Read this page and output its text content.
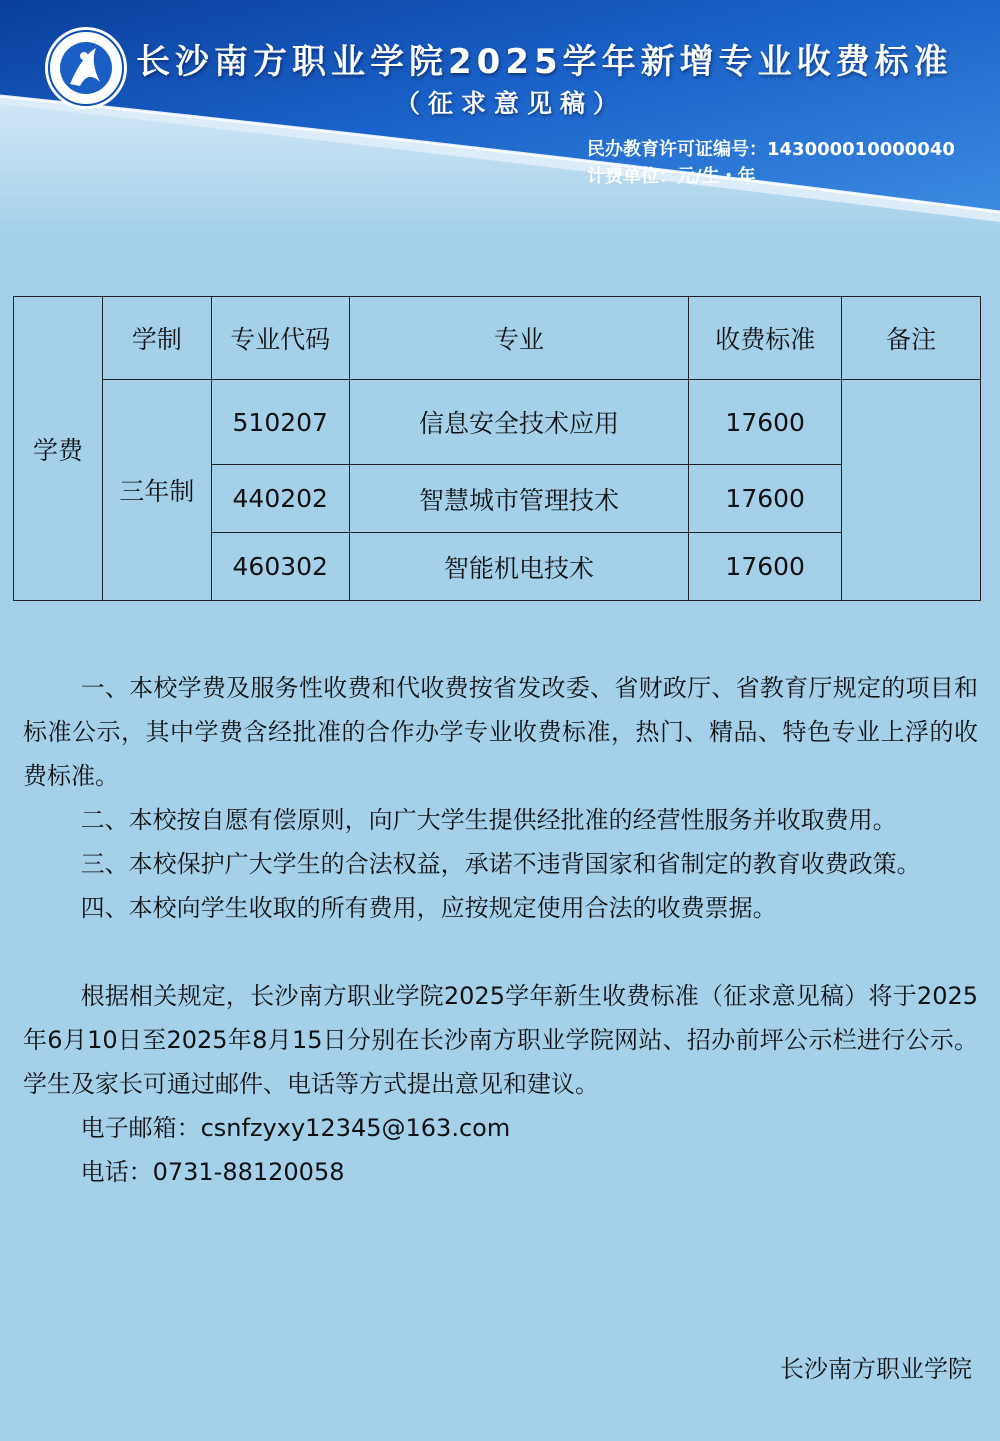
长沙南方职业学院2025学年新增专业收费标准
（征求意见稿）
民办教育许可证编号：143000010000040
计费单位：元/生・年
学费	学制	专业代码	专业	收费标准	备注
	三年制	510207	信息安全技术应用	17600	
		440202	智慧城市管理技术	17600	
		460302	智能机电技术	17600	

一、本校学费及服务性收费和代收费按省发改委、省财政厅、省教育厅规定的项目和标准公示，其中学费含经批准的合作办学专业收费标准，热门、精品、特色专业上浮的收费标准。

二、本校按自愿有偿原则，向广大学生提供经批准的经营性服务并收取费用。

三、本校保护广大学生的合法权益，承诺不违背国家和省制定的教育收费政策。

四、本校向学生收取的所有费用，应按规定使用合法的收费票据。

根据相关规定，长沙南方职业学院2025学年新生收费标准（征求意见稿）将于2025年6月10日至2025年8月15日分别在长沙南方职业学院网站、招办前坪公示栏进行公示。学生及家长可通过邮件、电话等方式提出意见和建议。

电子邮箱：csnfzyxy12345@163.com

电话：0731-88120058

长沙南方职业学院
